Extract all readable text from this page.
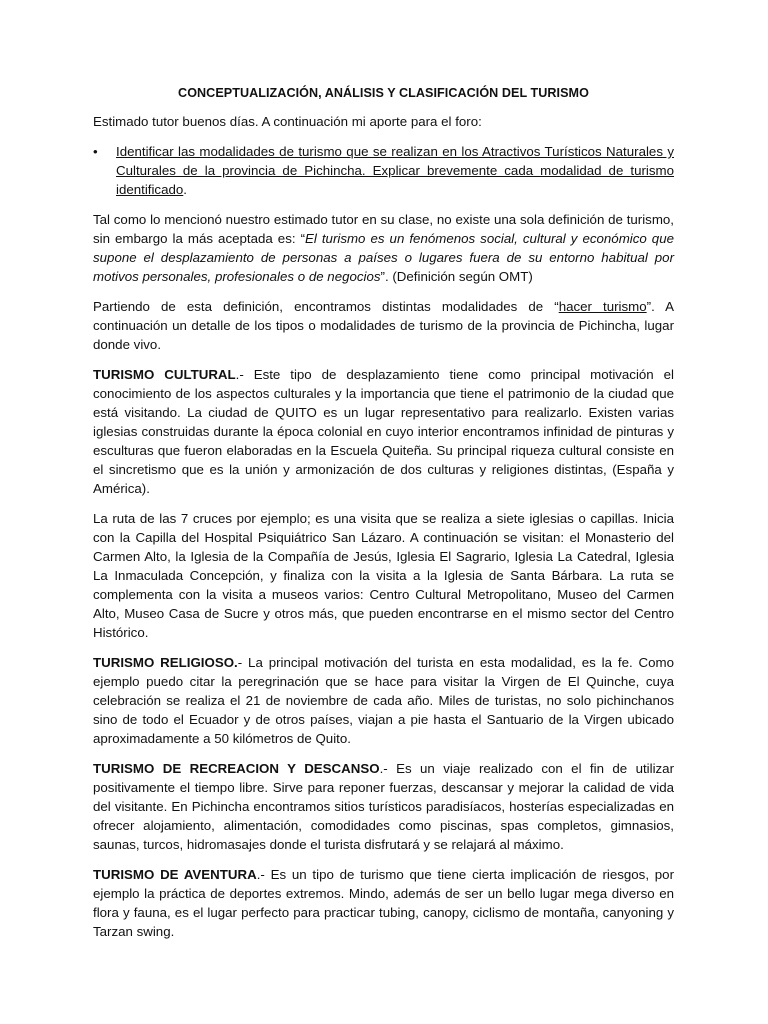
CONCEPTUALIZACIÓN, ANÁLISIS Y CLASIFICACIÓN DEL TURISMO

Estimado tutor buenos días. A continuación mi aporte para el foro:

• Identificar las modalidades de turismo que se realizan en los Atractivos Turísticos Naturales y Culturales de la provincia de Pichincha. Explicar brevemente cada modalidad de turismo identificado.

Tal como lo mencionó nuestro estimado tutor en su clase, no existe una sola definición de turismo, sin embargo la más aceptada es: “El turismo es un fenómenos social, cultural y económico que supone el desplazamiento de personas a países o lugares fuera de su entorno habitual por motivos personales, profesionales o de negocios”. (Definición según OMT)

Partiendo de esta definición, encontramos distintas modalidades de “hacer turismo”. A continuación un detalle de los tipos o modalidades de turismo de la provincia de Pichincha, lugar donde vivo.

TURISMO CULTURAL.- Este tipo de desplazamiento tiene como principal motivación el conocimiento de los aspectos culturales y la importancia que tiene el patrimonio de la ciudad que está visitando. La ciudad de QUITO es un lugar representativo para realizarlo. Existen varias iglesias construidas durante la época colonial en cuyo interior encontramos infinidad de pinturas y esculturas que fueron elaboradas en la Escuela Quiteña. Su principal riqueza cultural consiste en el sincretismo que es la unión y armonización de dos culturas y religiones distintas, (España y América).

La ruta de las 7 cruces por ejemplo; es una visita que se realiza a siete iglesias o capillas. Inicia con la Capilla del Hospital Psiquiátrico San Lázaro. A continuación se visitan: el Monasterio del Carmen Alto, la Iglesia de la Compañía de Jesús, Iglesia El Sagrario, Iglesia La Catedral, Iglesia La Inmaculada Concepción, y finaliza con la visita a la Iglesia de Santa Bárbara. La ruta se complementa con la visita a museos varios: Centro Cultural Metropolitano, Museo del Carmen Alto, Museo Casa de Sucre y otros más, que pueden encontrarse en el mismo sector del Centro Histórico.

TURISMO RELIGIOSO.- La principal motivación del turista en esta modalidad, es la fe. Como ejemplo puedo citar la peregrinación que se hace para visitar la Virgen de El Quinche, cuya celebración se realiza el 21 de noviembre de cada año. Miles de turistas, no solo pichinchanos sino de todo el Ecuador y de otros países, viajan a pie hasta el Santuario de la Virgen ubicado aproximadamente a 50 kilómetros de Quito.

TURISMO DE RECREACION Y DESCANSO.- Es un viaje realizado con el fin de utilizar positivamente el tiempo libre. Sirve para reponer fuerzas, descansar y mejorar la calidad de vida del visitante. En Pichincha encontramos sitios turísticos paradisíacos, hosterías especializadas en ofrecer alojamiento, alimentación, comodidades como piscinas, spas completos, gimnasios, saunas, turcos, hidromasajes donde el turista disfrutará y se relajará al máximo.

TURISMO DE AVENTURA.- Es un tipo de turismo que tiene cierta implicación de riesgos, por ejemplo la práctica de deportes extremos. Mindo, además de ser un bello lugar mega diverso en flora y fauna, es el lugar perfecto para practicar tubing, canopy, ciclismo de montaña, canyoning y Tarzan swing.
